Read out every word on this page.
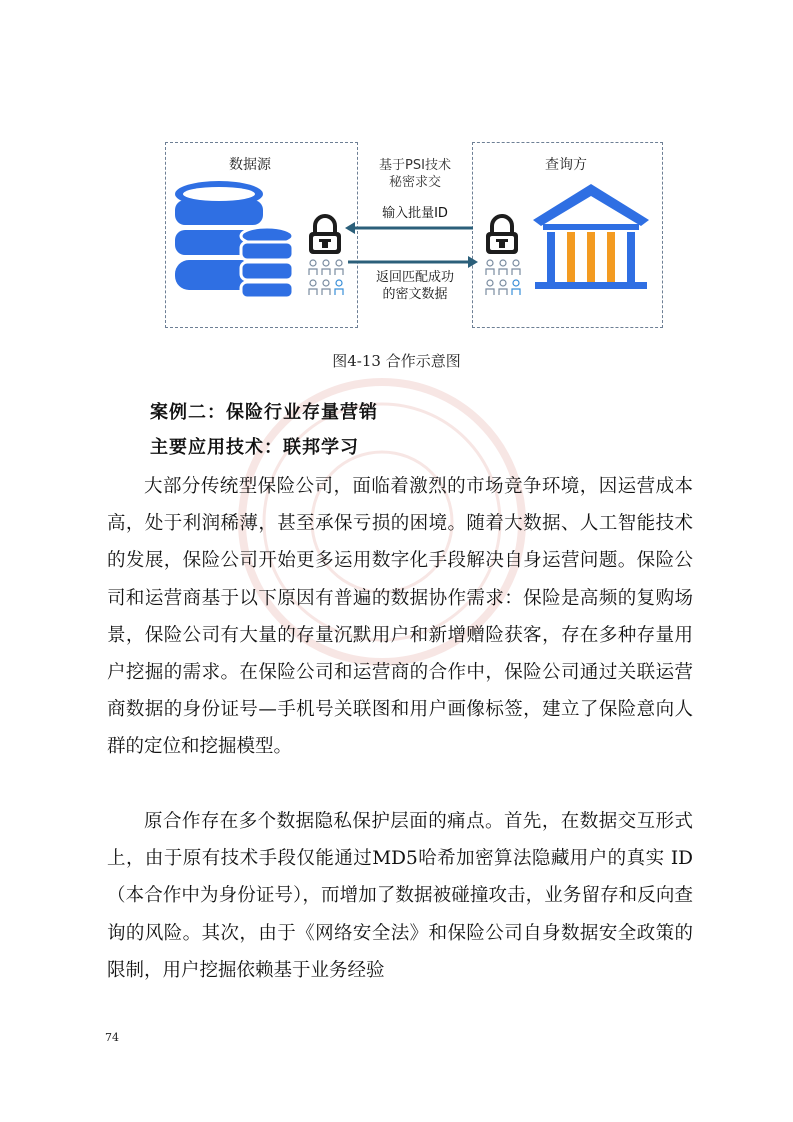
数据源	查询方
基于PSI技术
秘密求交
输入批量ID
返回匹配成功
的密文数据
图4-13 合作示意图
案例二：保险行业存量营销
主要应用技术：联邦学习
大部分传统型保险公司，面临着激烈的市场竞争环境，因运营成本高，处于利润稀薄，甚至承保亏损的困境。随着大数据、人工智能技术的发展，保险公司开始更多运用数字化手段解决自身运营问题。保险公司和运营商基于以下原因有普遍的数据协作需求：保险是高频的复购场景，保险公司有大量的存量沉默用户和新增赠险获客，存在多种存量用户挖掘的需求。在保险公司和运营商的合作中，保险公司通过关联运营商数据的身份证号—手机号关联图和用户画像标签，建立了保险意向人群的定位和挖掘模型。
原合作存在多个数据隐私保护层面的痛点。首先，在数据交互形式上，由于原有技术手段仅能通过MD5哈希加密算法隐藏用户的真实 ID（本合作中为身份证号），而增加了数据被碰撞攻击，业务留存和反向查询的风险。其次，由于《网络安全法》和保险公司自身数据安全政策的限制，用户挖掘依赖基于业务经验
74
